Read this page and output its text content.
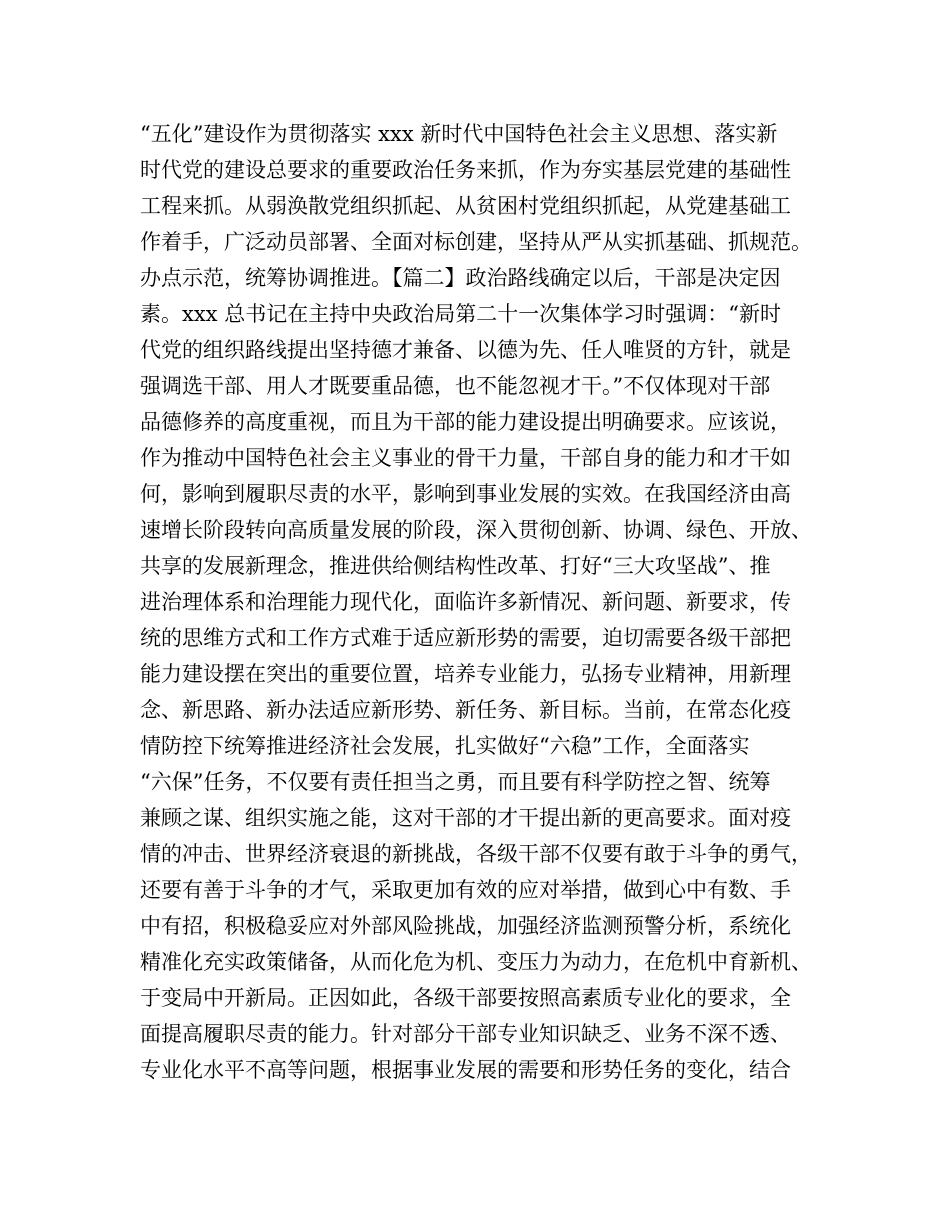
“五化”建设作为贯彻落实 xxx 新时代中国特色社会主义思想、落实新
时代党的建设总要求的重要政治任务来抓，作为夯实基层党建的基础性
工程来抓。从弱涣散党组织抓起、从贫困村党组织抓起，从党建基础工
作着手，广泛动员部署、全面对标创建，坚持从严从实抓基础、抓规范。
办点示范，统筹协调推进。【篇二】政治路线确定以后，干部是决定因
素。xxx 总书记在主持中央政治局第二十一次集体学习时强调：“新时
代党的组织路线提出坚持德才兼备、以德为先、任人唯贤的方针，就是
强调选干部、用人才既要重品德，也不能忽视才干。”不仅体现对干部
品德修养的高度重视，而且为干部的能力建设提出明确要求。应该说，
作为推动中国特色社会主义事业的骨干力量，干部自身的能力和才干如
何，影响到履职尽责的水平，影响到事业发展的实效。在我国经济由高
速增长阶段转向高质量发展的阶段，深入贯彻创新、协调、绿色、开放、
共享的发展新理念，推进供给侧结构性改革、打好“三大攻坚战”、推
进治理体系和治理能力现代化，面临许多新情况、新问题、新要求，传
统的思维方式和工作方式难于适应新形势的需要，迫切需要各级干部把
能力建设摆在突出的重要位置，培养专业能力，弘扬专业精神，用新理
念、新思路、新办法适应新形势、新任务、新目标。当前，在常态化疫
情防控下统筹推进经济社会发展，扎实做好“六稳”工作，全面落实
“六保”任务，不仅要有责任担当之勇，而且要有科学防控之智、统筹
兼顾之谋、组织实施之能，这对干部的才干提出新的更高要求。面对疫
情的冲击、世界经济衰退的新挑战，各级干部不仅要有敢于斗争的勇气，
还要有善于斗争的才气，采取更加有效的应对举措，做到心中有数、手
中有招，积极稳妥应对外部风险挑战，加强经济监测预警分析，系统化
精准化充实政策储备，从而化危为机、变压力为动力，在危机中育新机、
于变局中开新局。正因如此，各级干部要按照高素质专业化的要求，全
面提高履职尽责的能力。针对部分干部专业知识缺乏、业务不深不透、
专业化水平不高等问题，根据事业发展的需要和形势任务的变化，结合
